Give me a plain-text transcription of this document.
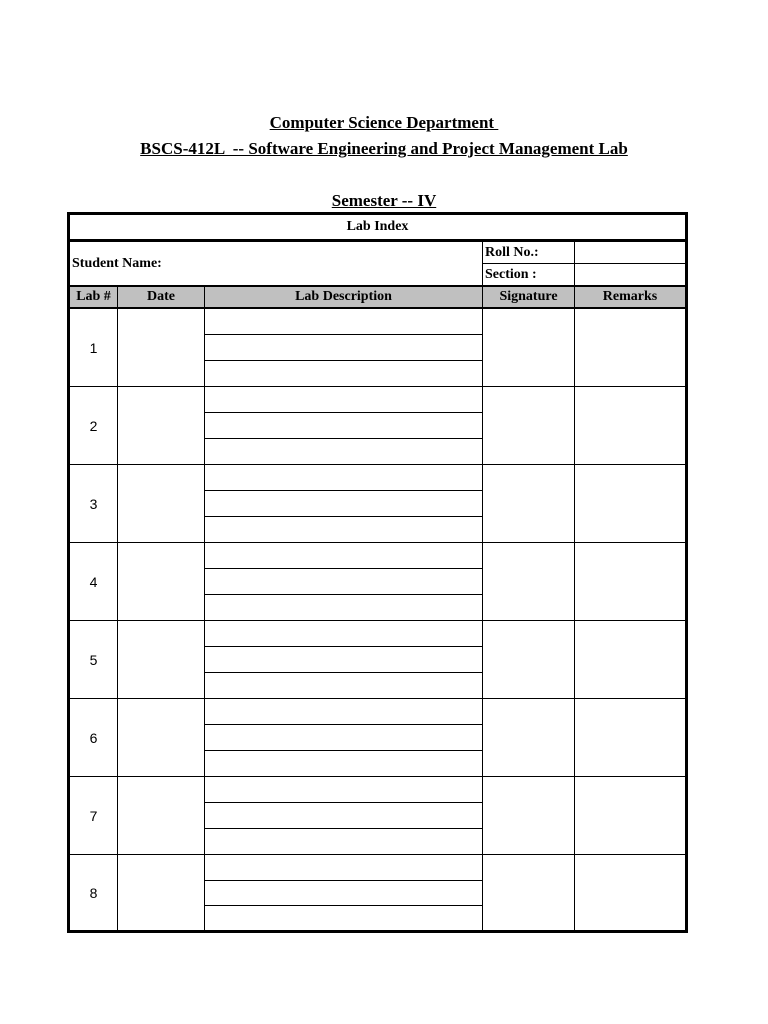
Computer Science Department
BSCS-412L  -- Software Engineering and Project Management Lab
Semester -- IV
Lab Index				
Student Name:			Roll No.:	
			Section :	
Lab #	Date	Lab Description	Signature	Remarks
1				

2				

3				

4				

5				

6				

7				

8				
